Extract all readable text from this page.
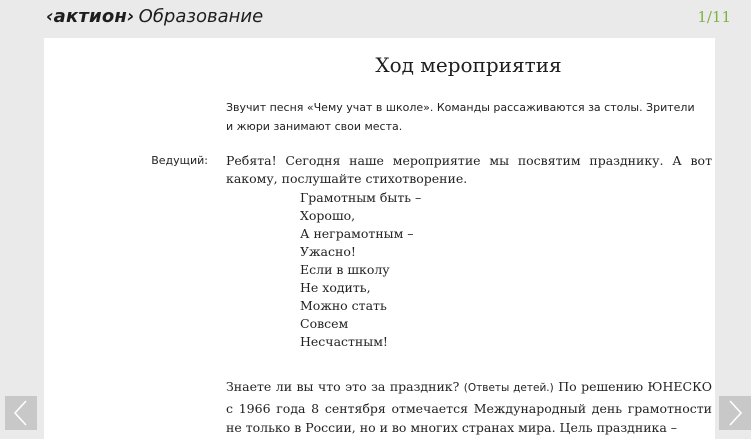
‹актион› Образование	1/11
Ход мероприятия
Звучит песня «Чему учат в школе». Команды рассаживаются за столы. Зрители и жюри занимают свои места.
Ведущий: Ребята! Сегодня наше мероприятие мы посвятим празднику. А вот какому, послушайте стихотворение.
Грамотным быть –
Хорошо,
А неграмотным –
Ужасно!
Если в школу
Не ходить,
Можно стать
Совсем
Несчастным!
Знаете ли вы что это за праздник? (Ответы детей.) По решению ЮНЕСКО с 1966 года 8 сентября отмечается Международный день грамотности не только в России, но и во многих странах мира. Цель праздника –
